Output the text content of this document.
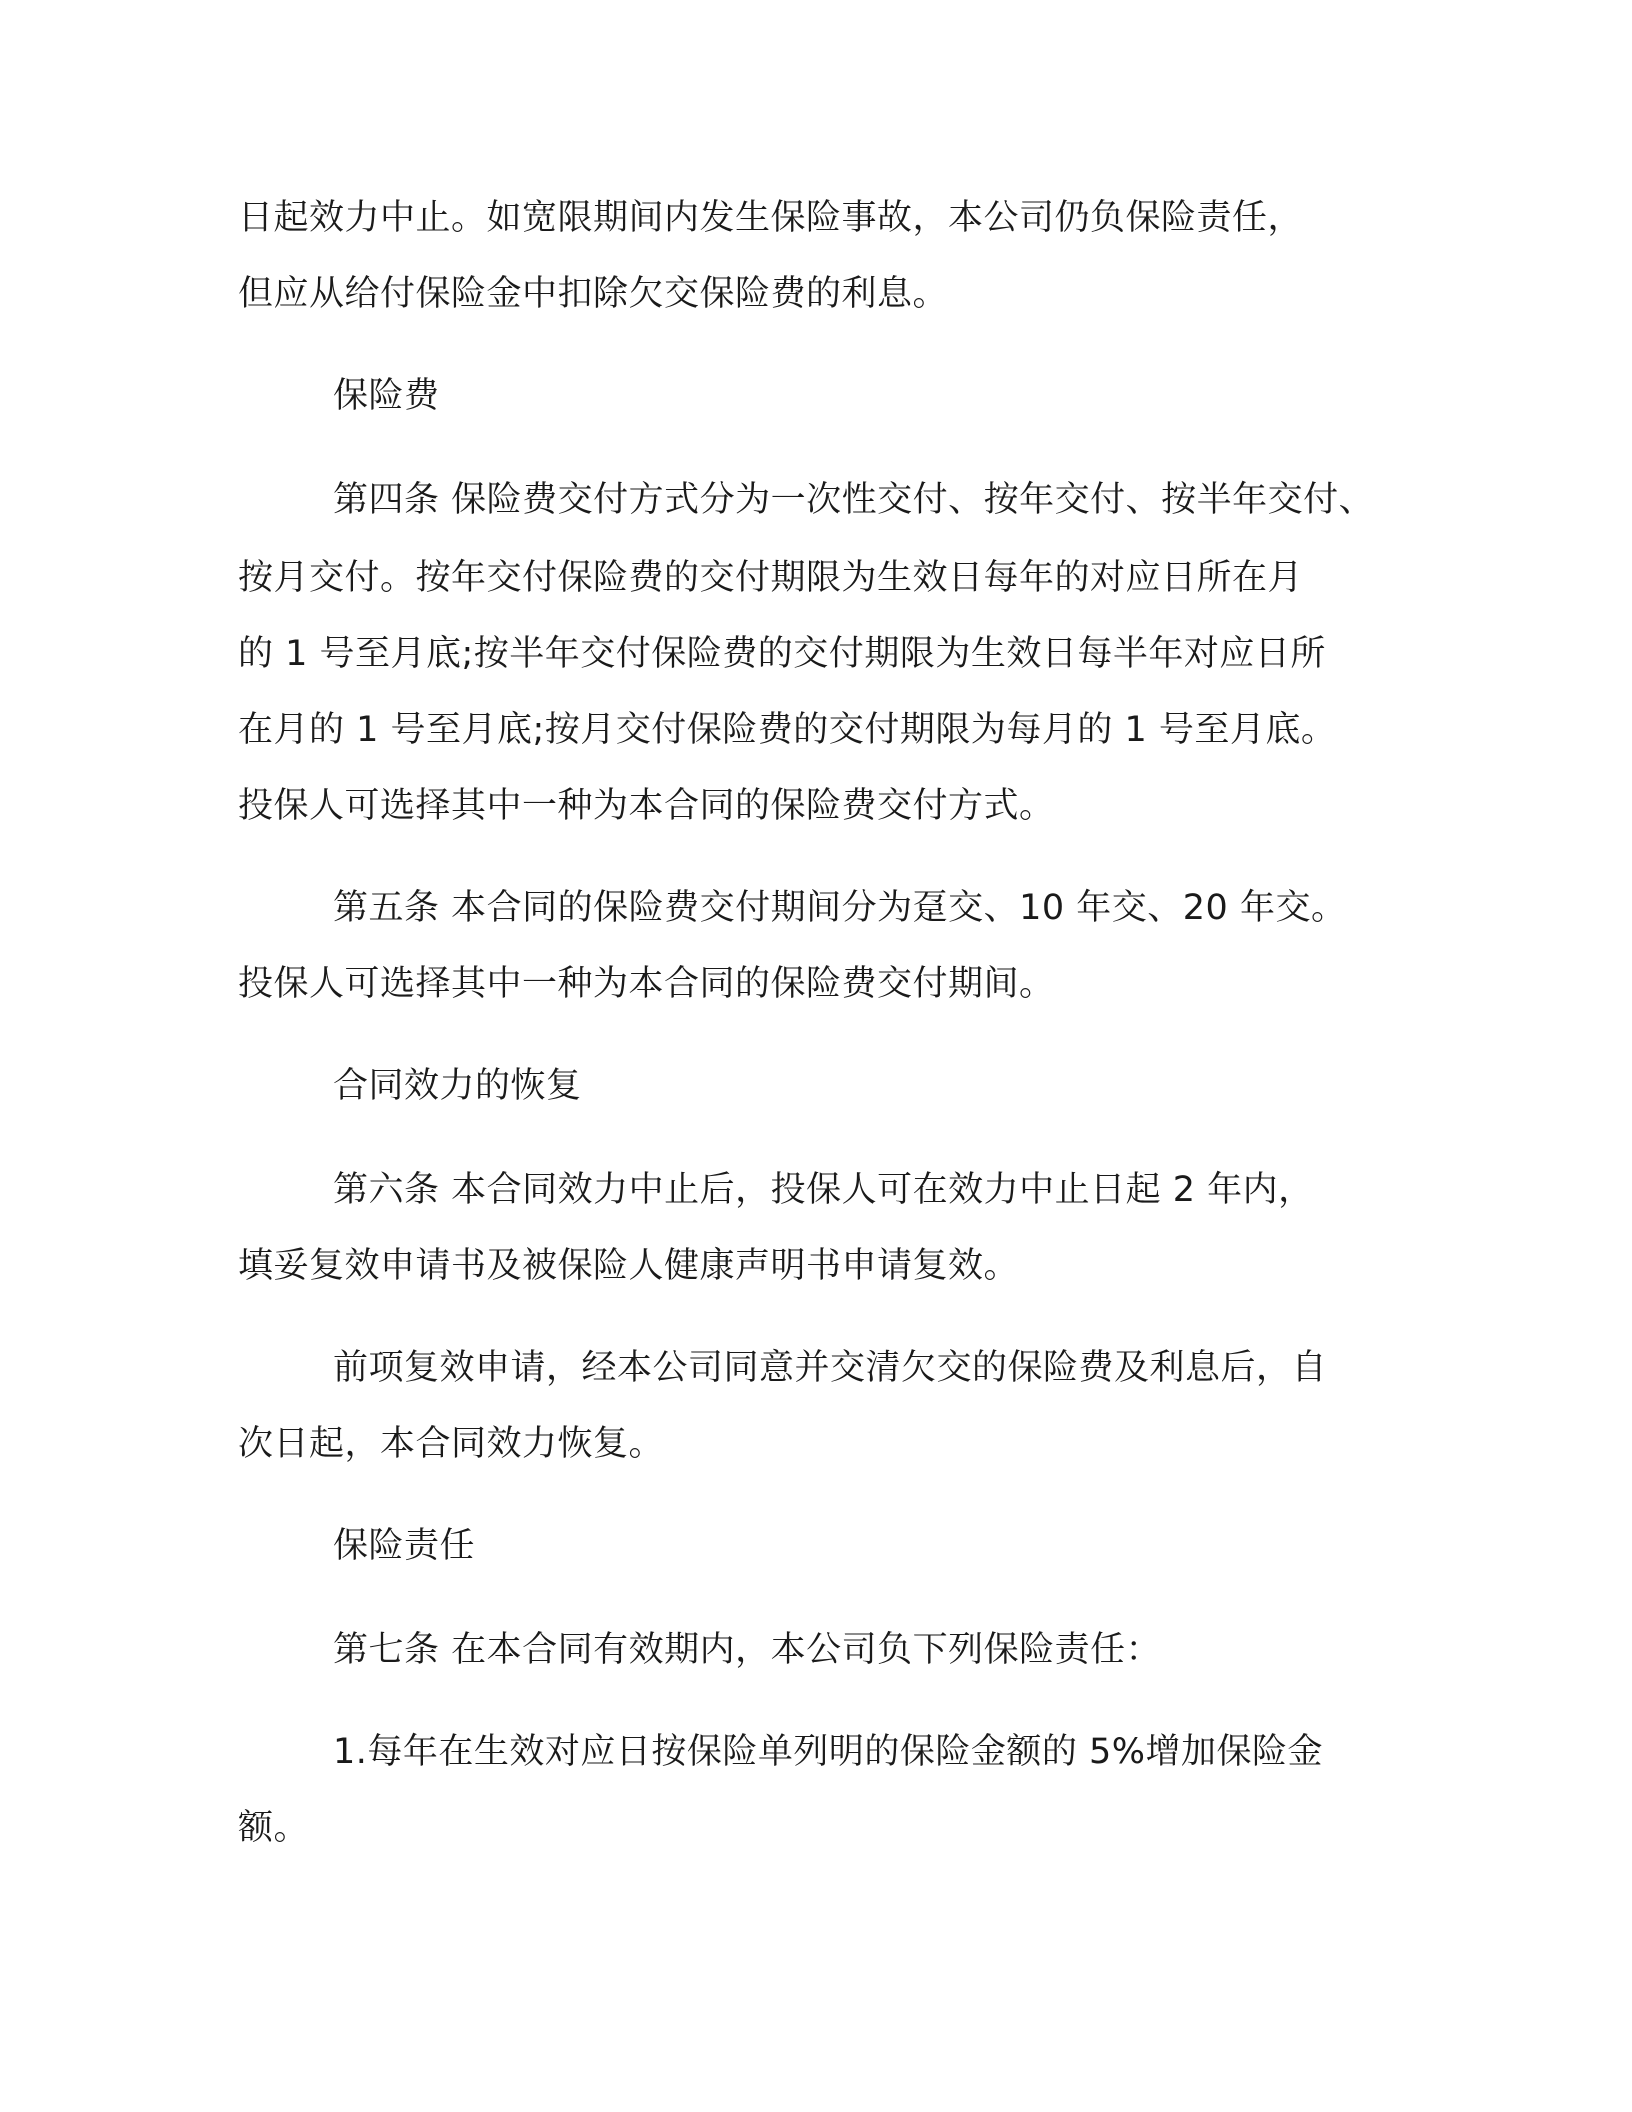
日起效力中止。如宽限期间内发生保险事故，本公司仍负保险责任，

但应从给付保险金中扣除欠交保险费的利息。

保险费

第四条 保险费交付方式分为一次性交付、按年交付、按半年交付、

按月交付。按年交付保险费的交付期限为生效日每年的对应日所在月

的 1 号至月底;按半年交付保险费的交付期限为生效日每半年对应日所

在月的 1 号至月底;按月交付保险费的交付期限为每月的 1 号至月底。

投保人可选择其中一种为本合同的保险费交付方式。

第五条 本合同的保险费交付期间分为趸交、10 年交、20 年交。

投保人可选择其中一种为本合同的保险费交付期间。

合同效力的恢复

第六条 本合同效力中止后，投保人可在效力中止日起 2 年内，

填妥复效申请书及被保险人健康声明书申请复效。

前项复效申请，经本公司同意并交清欠交的保险费及利息后，自

次日起，本合同效力恢复。

保险责任

第七条 在本合同有效期内，本公司负下列保险责任：

1.每年在生效对应日按保险单列明的保险金额的 5%增加保险金

额。
